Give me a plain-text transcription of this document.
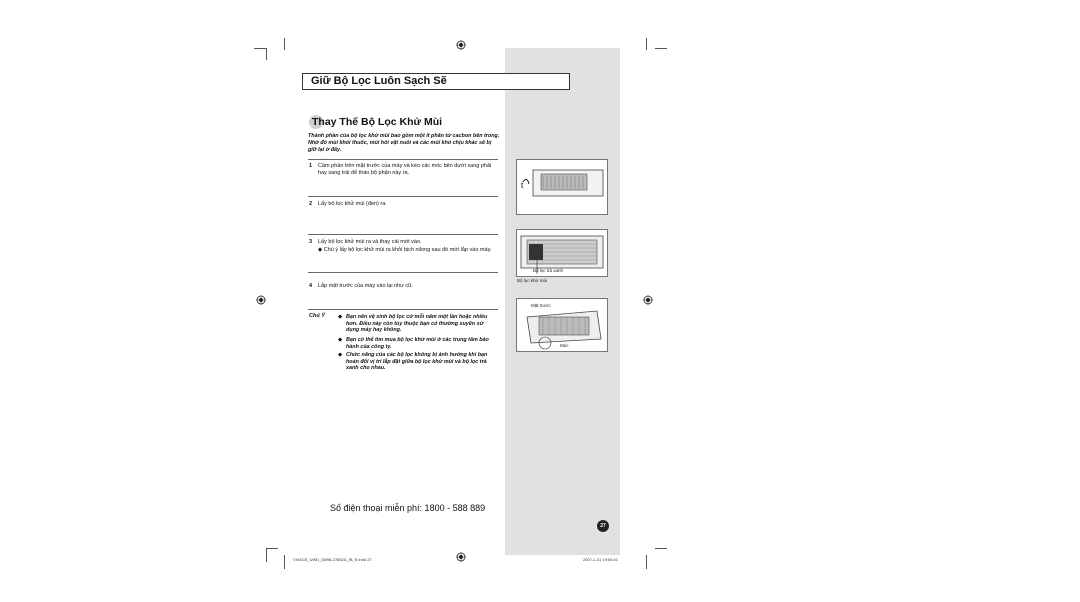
Giữ Bộ Lọc Luôn Sạch Sẽ
Thay Thế Bộ Lọc Khử Mùi
Thành phần của bộ lọc khử mùi bao gồm một ít phân tử cacbon bên trong. Nhờ đó mùi khói thuốc, mùi hôi vật nuôi và các mùi khó chịu khác sẽ bị giữ lại ở đây.
1 Cầm phần trên mặt trước của máy và kéo các móc bên dưới sang phải hay sang trái để tháo bộ phận này ra.
2 Lấy bộ lọc khử mùi (đen) ra.
3 Lấy bộ lọc khử mùi ra và thay cái mới vào.
◆ Chú ý lấy bộ lọc khử mùi ra khỏi bịch nilong sau đó mới lắp vào máy.
4 Lắp mặt trước của máy vào lại như cũ.
Chú Ý ◆ Bạn nên vệ sinh bộ lọc cứ mỗi năm một lần hoặc nhiều hơn. Điều này còn tùy thuộc bạn có thường xuyên sử dụng máy hay không.
◆ Bạn có thể tìm mua bộ lọc khử mùi ở các trung tâm bảo hành của công ty.
◆ Chức năng của các bộ lọc không bị ảnh hưởng khi bạn hoán đổi vị trí lắp đặt giữa bộ lọc khử mùi và bộ lọc trà xanh cho nhau.
t
Bộ lọc trà xanh
Bộ lọc khử mùi
Mặt trước
Móc
Số điện thoại miễn phí: 1800 - 588 889
27
VIVACE_UWD_DB98-27852A_IB_E.indd 27	2007-1-31 19:54:41
